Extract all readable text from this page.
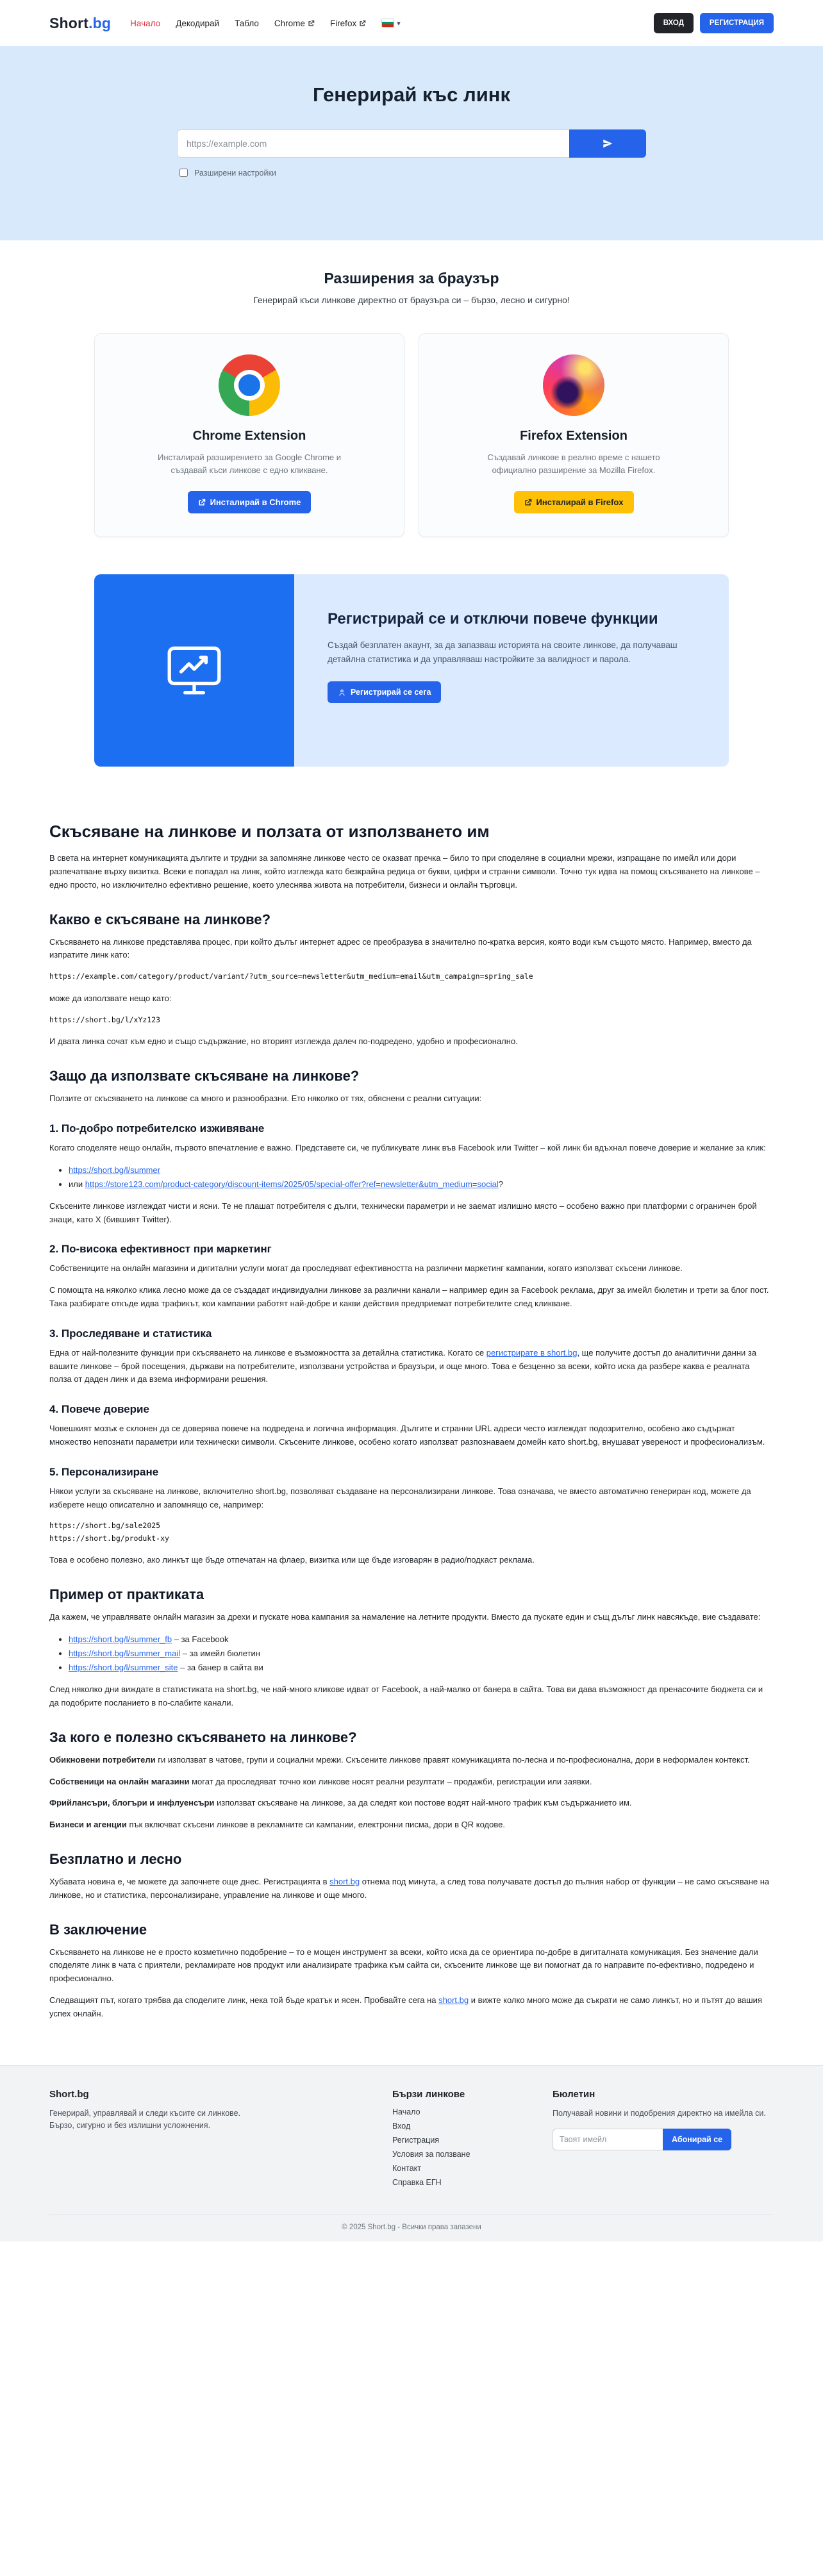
Short.bg Начало Декодирай Табло Chrome	Firefox	▾	ВХОД	РЕГИСТРАЦИЯ
Генерирай къс линк
https://example.com
Разширени настройки
Разширения за браузър

Генерирай къси линкове директно от браузъра си – бързо, лесно и сигурно!

Chrome Extension

Инсталирай разширението за Google Chrome и създавай къси линкове с едно кликване.

Инсталирай в Chrome
Firefox Extension

Създавай линкове в реално време с нашето официално разширение за Mozilla Firefox.

Инсталирай в Firefox
Регистрирай се и отключи повече функции

Създай безплатен акаунт, за да запазваш историята на своите линкове, да получаваш детайлна статистика и да управляваш настройките за валидност и парола.

Регистрирай се сега
Скъсяване на линкове и ползата от използването им

В света на интернет комуникацията дългите и трудни за запомняне линкове често се оказват пречка – било то при споделяне в социални мрежи, изпращане по имейл или дори разпечатване върху визитка. Всеки е попадал на линк, който изглежда като безкрайна редица от букви, цифри и странни символи. Точно тук идва на помощ скъсяването на линкове – едно просто, но изключително ефективно решение, което улеснява живота на потребители, бизнеси и онлайн търговци.

Какво е скъсяване на линкове?

Скъсяването на линкове представлява процес, при който дълъг интернет адрес се преобразува в значително по-кратка версия, която води към същото място. Например, вместо да изпратите линк като:

https://example.com/category/product/variant/?utm_source=newsletter&utm_medium=email&utm_campaign=spring_sale

може да използвате нещо като:

https://short.bg/l/xYz123

И двата линка сочат към едно и също съдържание, но вторият изглежда далеч по-подредено, удобно и професионално.

Защо да използвате скъсяване на линкове?

Ползите от скъсяването на линкове са много и разнообразни. Ето няколко от тях, обяснени с реални ситуации:

1. По-добро потребителско изживяване

Когато споделяте нещо онлайн, първото впечатление е важно. Представете си, че публикувате линк във Facebook или Twitter – кой линк би вдъхнал повече доверие и желание за клик:

• https://short.bg/l/summer
• или https://store123.com/product-category/discount-items/2025/05/special-offer?ref=newsletter&utm_medium=social?

Скъсените линкове изглеждат чисти и ясни. Те не плашат потребителя с дълги, технически параметри и не заемат излишно място – особено важно при платформи с ограничен брой знаци, като X (бившият Twitter).

2. По-висока ефективност при маркетинг

Собствениците на онлайн магазини и дигитални услуги могат да проследяват ефективността на различни маркетинг кампании, когато използват скъсени линкове.

С помощта на няколко клика лесно може да се създадат индивидуални линкове за различни канали – например един за Facebook реклама, друг за имейл бюлетин и трети за блог пост. Така разбирате откъде идва трафикът, кои кампании работят най-добре и какви действия предприемат потребителите след кликване.

3. Проследяване и статистика

Една от най-полезните функции при скъсяването на линкове е възможността за детайлна статистика. Когато се регистрирате в short.bg, ще получите достъп до аналитични данни за вашите линкове – брой посещения, държави на потребителите, използвани устройства и браузъри, и още много. Това е безценно за всеки, който иска да разбере каква е реалната полза от даден линк и да взема информирани решения.

4. Повече доверие

Човешкият мозък е склонен да се доверява повече на подредена и логична информация. Дългите и странни URL адреси често изглеждат подозрително, особено ако съдържат множество непознати параметри или технически символи. Скъсените линкове, особено когато използват разпознаваем домейн като short.bg, внушават увереност и професионализъм.

5. Персонализиране

Някои услуги за скъсяване на линкове, включително short.bg, позволяват създаване на персонализирани линкове. Това означава, че вместо автоматично генериран код, можете да изберете нещо описателно и запомнящо се, например:

https://short.bg/sale2025
https://short.bg/produkt-xy

Това е особено полезно, ако линкът ще бъде отпечатан на флаер, визитка или ще бъде изговарян в радио/подкаст реклама.

Пример от практиката

Да кажем, че управлявате онлайн магазин за дрехи и пускате нова кампания за намаление на летните продукти. Вместо да пускате един и същ дълъг линк навсякъде, вие създавате:

• https://short.bg/l/summer_fb – за Facebook
• https://short.bg/l/summer_mail – за имейл бюлетин
• https://short.bg/l/summer_site – за банер в сайта ви

След няколко дни виждате в статистиката на short.bg, че най-много кликове идват от Facebook, а най-малко от банера в сайта. Това ви дава възможност да пренасочите бюджета си и да подобрите посланието в по-слабите канали.

За кого е полезно скъсяването на линкове?

Обикновени потребители ги използват в чатове, групи и социални мрежи. Скъсените линкове правят комуникацията по-лесна и по-професионална, дори в неформален контекст.

Собственици на онлайн магазини могат да проследяват точно кои линкове носят реални резултати – продажби, регистрации или заявки.

Фрийлансъри, блогъри и инфлуенсъри използват скъсяване на линкове, за да следят кои постове водят най-много трафик към съдържанието им.

Бизнеси и агенции пък включват скъсени линкове в рекламните си кампании, електронни писма, дори в QR кодове.

Безплатно и лесно

Хубавата новина е, че можете да започнете още днес. Регистрацията в short.bg отнема под минута, а след това получавате достъп до пълния набор от функции – не само скъсяване на линкове, но и статистика, персонализиране, управление на линкове и още много.

В заключение

Скъсяването на линкове не е просто козметично подобрение – то е мощен инструмент за всеки, който иска да се ориентира по-добре в дигиталната комуникация. Без значение дали споделяте линк в чата с приятели, рекламирате нов продукт или анализирате трафика към сайта си, скъсените линкове ще ви помогнат да го направите по-ефективно, подредено и професионално.

Следващият път, когато трябва да споделите линк, нека той бъде кратък и ясен. Пробвайте сега на short.bg и вижте колко много може да съкрати не само линкът, но и пътят до вашия успех онлайн.

Short.bg

Генерирай, управлявай и следи късите си линкове. Бързо, сигурно и без излишни усложнения.

Бързи линкове

Начало
Вход
Регистрация
Условия за ползване
Контакт
Справка ЕГН

Бюлетин

Получавай новини и подобрения директно на имейла си.

Твоят имейл
Абонирай се
© 2025 Short.bg - Всички права запазени
